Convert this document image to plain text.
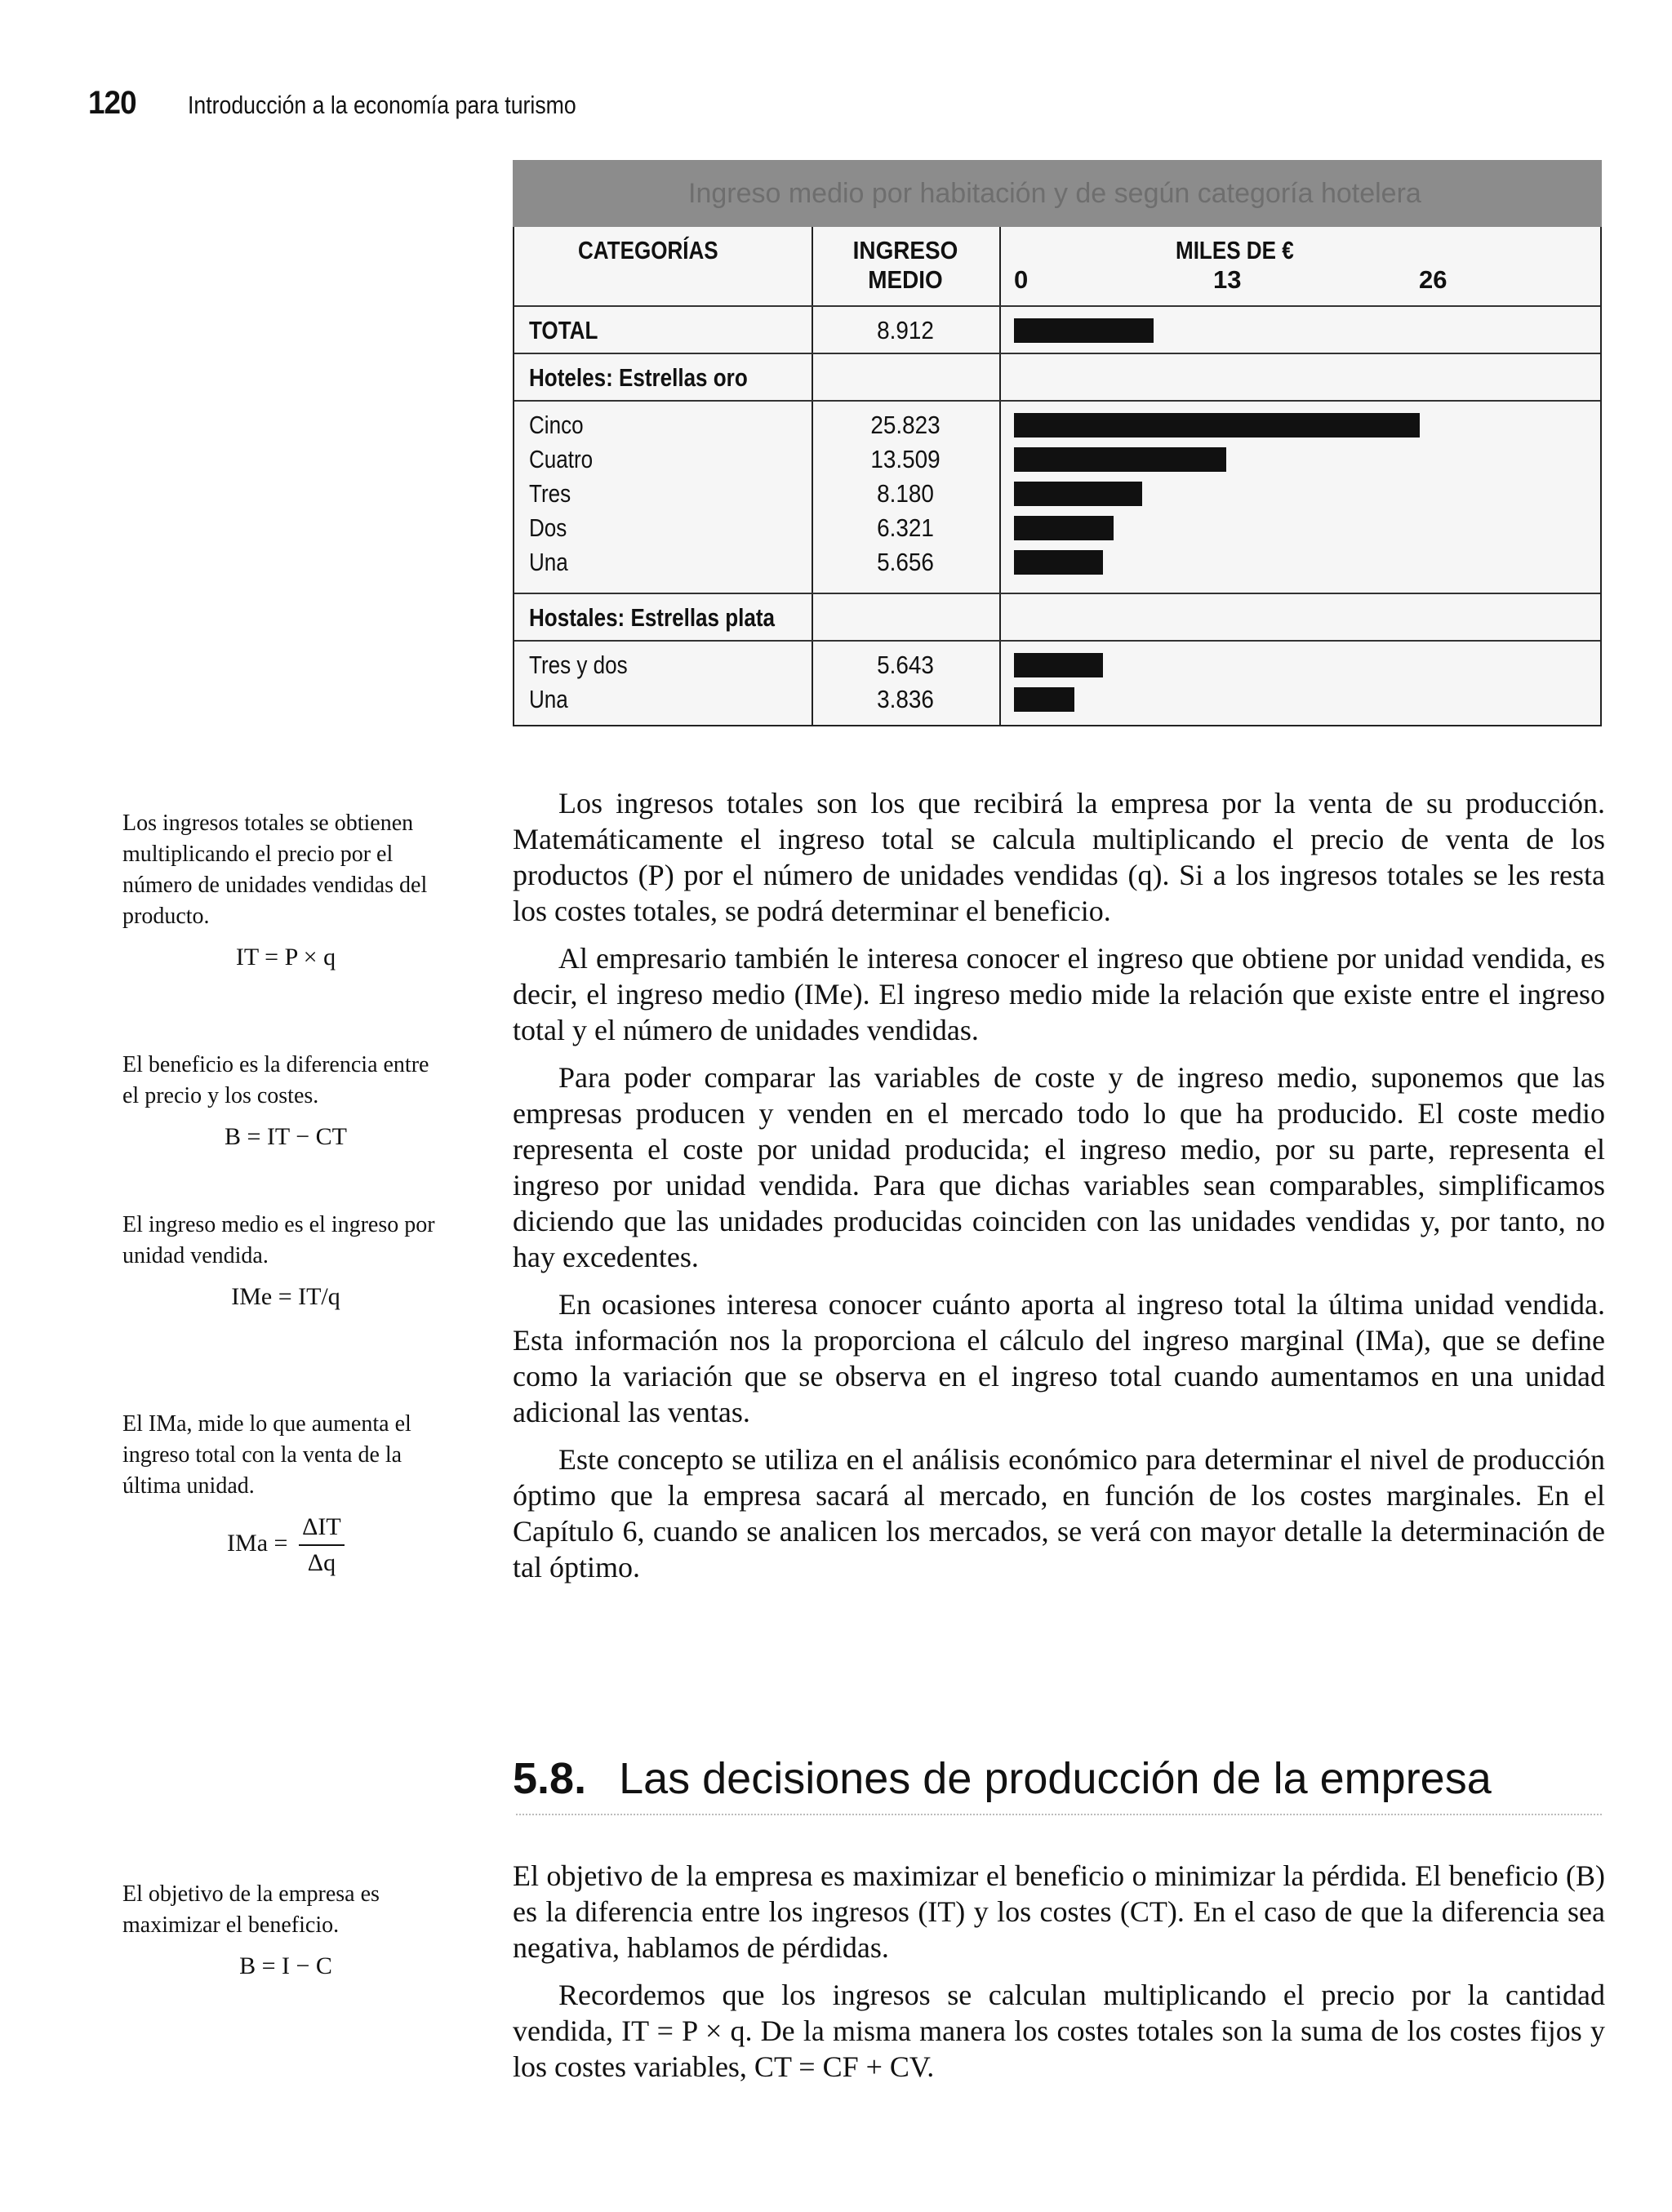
120 Introducción a la economía para turismo
Ingreso medio por habitación y de según categoría hotelera
CATEGORÍAS	INGRESO
MEDIO
MILES DE €
0	13	26
TOTAL	8.912
Hoteles: Estrellas oro
Cinco	25.823
Cuatro	13.509
Tres	8.180
Dos	6.321
Una	5.656
Hostales: Estrellas plata
Tres y dos	5.643
Una	3.836

Los ingresos totales se obtienen multiplicando el precio por el número de unidades vendidas del producto.

IT = P × q

El beneficio es la diferencia entre el precio y los costes.

B = IT − CT

El ingreso medio es el ingreso por unidad vendida.

IMe = IT/q

El IMa, mide lo que aumenta el ingreso total con la venta de la última unidad.

IMa = $\frac{\text{ΔIT}}{\Delta q}$

El objetivo de la empresa es maximizar el beneficio.

B = I − C

Los ingresos totales son los que recibirá la empresa por la venta de su producción. Matemáticamente el ingreso total se calcula multiplicando el precio de venta de los productos (P) por el número de unidades vendidas (q). Si a los ingresos totales se les resta los costes totales, se podrá determinar el beneficio.

Al empresario también le interesa conocer el ingreso que obtiene por unidad vendida, es decir, el ingreso medio (IMe). El ingreso medio mide la relación que existe entre el ingreso total y el número de unidades vendidas.

Para poder comparar las variables de coste y de ingreso medio, suponemos que las empresas producen y venden en el mercado todo lo que ha producido. El coste medio representa el coste por unidad producida; el ingreso medio, por su parte, representa el ingreso por unidad vendida. Para que dichas variables sean comparables, simplificamos diciendo que las unidades producidas coinciden con las unidades vendidas y, por tanto, no hay excedentes.

En ocasiones interesa conocer cuánto aporta al ingreso total la última unidad vendida. Esta información nos la proporciona el cálculo del ingreso marginal (IMa), que se define como la variación que se observa en el ingreso total cuando aumentamos en una unidad adicional las ventas.

Este concepto se utiliza en el análisis económico para determinar el nivel de producción óptimo que la empresa sacará al mercado, en función de los costes marginales. En el Capítulo 6, cuando se analicen los mercados, se verá con mayor detalle la determinación de tal óptimo.

5.8. Las decisiones de producción de la empresa

El objetivo de la empresa es maximizar el beneficio o minimizar la pérdida. El beneficio (B) es la diferencia entre los ingresos (IT) y los costes (CT). En el caso de que la diferencia sea negativa, hablamos de pérdidas.

Recordemos que los ingresos se calculan multiplicando el precio por la cantidad vendida, IT = P × q. De la misma manera los costes totales son la suma de los costes fijos y los costes variables, CT = CF + CV.
